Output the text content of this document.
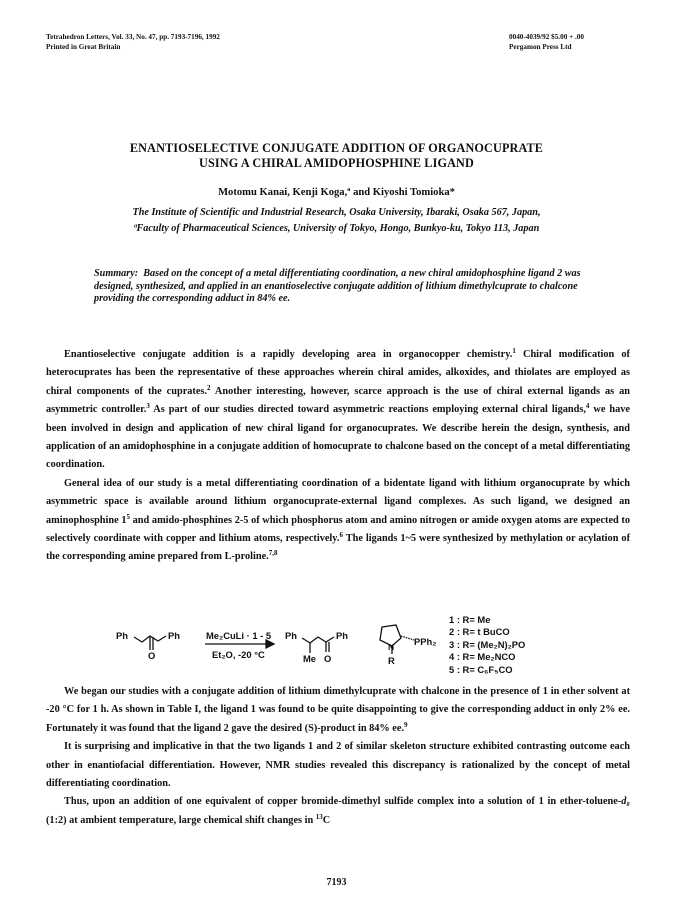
Tetrahedron Letters, Vol. 33, No. 47, pp. 7193-7196, 1992
Printed in Great Britain
0040-4039/92 $5.00 + .00
Pergamon Press Ltd
ENANTIOSELECTIVE CONJUGATE ADDITION OF ORGANOCUPRATE
USING A CHIRAL AMIDOPHOSPHINE LIGAND
Motomu Kanai, Kenji Koga,ª and Kiyoshi Tomioka*
The Institute of Scientific and Industrial Research, Osaka University, Ibaraki, Osaka 567, Japan,
ªFaculty of Pharmaceutical Sciences, University of Tokyo, Hongo, Bunkyo-ku, Tokyo 113, Japan
Summary: Based on the concept of a metal differentiating coordination, a new chiral amidophosphine ligand 2 was designed, synthesized, and applied in an enantioselective conjugate addition of lithium dimethylcuprate to chalcone providing the corresponding adduct in 84% ee.

Enantioselective conjugate addition is a rapidly developing area in organocopper chemistry.$^1$ Chiral modification of heterocuprates has been the representative of these approaches wherein chiral amides, alkoxides, and thiolates are employed as chiral components of the cuprates.$^2$ Another interesting, however, scarce approach is the use of chiral external ligands as an asymmetric controller.$^3$ As part of our studies directed toward asymmetric reactions employing external chiral ligands,$^4$ we have been involved in design and application of new chiral ligand for organocuprates. We describe herein the design, synthesis, and application of an amidophosphine in a conjugate addition of homocuprate to chalcone based on the concept of a metal differentiating coordination.

General idea of our study is a metal differentiating coordination of a bidentate ligand with lithium organocuprate by which asymmetric space is available around lithium organocuprate-external ligand complexes. As such ligand, we designed an aminophosphine $1^5$ and amido-phosphines 2-5 of which phosphorus atom and amino nitrogen or amide oxygen atoms are expected to selectively coordinate with copper and lithium atoms, respectively.$^6$ The ligands 1~5 were synthesized by methylation or acylation of the corresponding amine prepared from L-proline.$^{7,8}$

Ph	Ph
O
Me₂CuLi · 1 - 5
Et₂O, -20 °C
Ph	Ph
Me O
N
R
PPh₂
1 : R= Me
2 : R= t BuCO
3 : R= (Me₂N)₂PO
4 : R= Me₂NCO
5 : R= C₆F₅CO

We began our studies with a conjugate addition of lithium dimethylcuprate with chalcone in the presence of 1 in ether solvent at -20 °C for 1 h. As shown in Table I, the ligand 1 was found to be quite disappointing to give the corresponding adduct in only 2% ee. Fortunately it was found that the ligand 2 gave the desired (S)-product in 84% ee.$^9$

It is surprising and implicative in that the two ligands 1 and 2 of similar skeleton structure exhibited contrasting outcome each other in enantiofacial differentiation. However, NMR studies revealed this discrepancy is rationalized by the concept of metal differentiating coordination.

Thus, upon an addition of one equivalent of copper bromide-dimethyl sulfide complex into a solution of 1 in ether-toluene-d₈ (1:2) at ambient temperature, large chemical shift changes in $^{13}$C

7193
